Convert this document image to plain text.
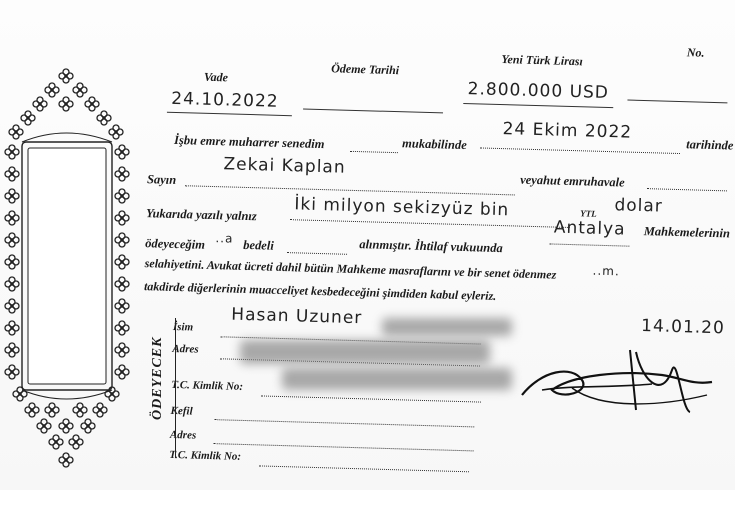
Vade	Ödeme Tarihi
Yeni Türk Lirası	No.
24.10.2022	2.800.000 USD
İşbu emre muharrer senedim	mukabilinde
24 Ekim 2022
tarihinde
Sayın
Zekai Kaplan
veyahut emruhavale
Yukarıda yazılı yalnız İki milyon sekizyüz bin	YTL dolar
ödeyeceğim ..a bedeli	alınmıştır. İhtilaf vukuunda
Antalya Mahkemelerinin
selahiyetini. Avukat ücreti dahil bütün Mahkeme masraflarını ve bir senet ödenmez
takdirde diğerlerinin muacceliyet kesbedeceğini şimdiden kabul eyleriz.
..m.
İsim Hasan Uzuner	14.01.20
Adres
T.C. Kimlik No:
Kefil
Adres
T.C. Kimlik No:
ÖDEYECEK
